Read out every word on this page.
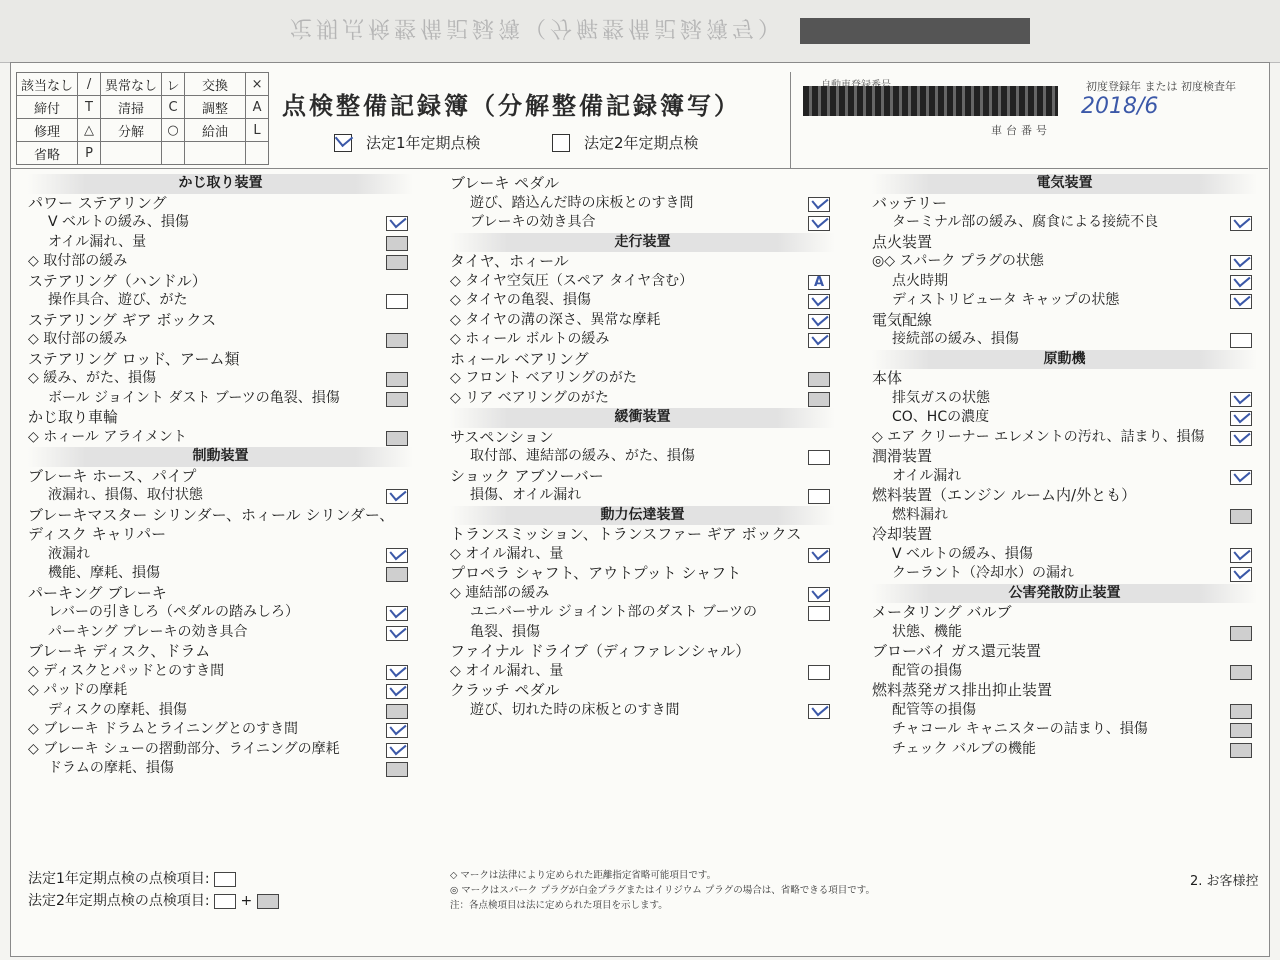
定期点検整備記録簿（分解整備記録簿写）
該当なし	/	異常なし	レ	交換	×
締付	T	清掃	C	調整	A
修理	△	分解	○	給油	L
省略	P				
点検整備記録簿（分解整備記録簿写）
法定1年定期点検	法定2年定期点検
初度登録年 または 初度検査年
2018/6
車台番号
かじ取り装置
パワー ステアリング
V ベルトの緩み、損傷
オイル漏れ、量
◇ 取付部の緩み
ステアリング（ハンドル）
操作具合、遊び、がた
ステアリング ギア ボックス
◇ 取付部の緩み
ステアリング ロッド、アーム類
◇ 緩み、がた、損傷
ボール ジョイント ダスト ブーツの亀裂、損傷
かじ取り車輪
◇ ホィール アライメント
制動装置
ブレーキ ホース、パイプ
液漏れ、損傷、取付状態
ブレーキマスター シリンダー、ホィール シリンダー、
ディスク キャリパー
液漏れ
機能、摩耗、損傷
パーキング ブレーキ
レバーの引きしろ（ペダルの踏みしろ）
パーキング ブレーキの効き具合
ブレーキ ディスク、ドラム
◇ ディスクとパッドとのすき間
◇ パッドの摩耗
ディスクの摩耗、損傷
◇ ブレーキ ドラムとライニングとのすき間
◇ ブレーキ シューの摺動部分、ライニングの摩耗
ドラムの摩耗、損傷
ブレーキ ペダル
遊び、踏込んだ時の床板とのすき間
ブレーキの効き具合
走行装置
タイヤ、ホィール
◇ タイヤ空気圧（スペア タイヤ含む）
A
◇ タイヤの亀裂、損傷
◇ タイヤの溝の深さ、異常な摩耗
◇ ホィール ボルトの緩み
ホィール ベアリング
◇ フロント ベアリングのがた
◇ リア ベアリングのがた
緩衝装置
サスペンション
取付部、連結部の緩み、がた、損傷
ショック アブソーバー
損傷、オイル漏れ
動力伝達装置
トランスミッション、トランスファー ギア ボックス
◇ オイル漏れ、量
プロペラ シャフト、アウトプット シャフト
◇ 連結部の緩み
ユニバーサル ジョイント部のダスト ブーツの
亀裂、損傷
ファイナル ドライブ（ディファレンシャル）
◇ オイル漏れ、量
クラッチ ペダル
遊び、切れた時の床板とのすき間
電気装置
バッテリー
ターミナル部の緩み、腐食による接続不良
点火装置
◎◇ スパーク プラグの状態
点火時期
ディストリビュータ キャップの状態
電気配線
接続部の緩み、損傷
原動機
本体
排気ガスの状態
CO、HCの濃度
◇ エア クリーナー エレメントの汚れ、詰まり、損傷
潤滑装置
オイル漏れ
燃料装置（エンジン ルーム内/外とも）
燃料漏れ
冷却装置
V ベルトの緩み、損傷
クーラント（冷却水）の漏れ
公害発散防止装置
メータリング バルブ
状態、機能
ブローバイ ガス還元装置
配管の損傷
燃料蒸発ガス排出抑止装置
配管等の損傷
チャコール キャニスターの詰まり、損傷
チェック バルブの機能
法定1年定期点検の点検項目:
法定2年定期点検の点検項目: +
◇ マークは法律により定められた距離指定省略可能項目です。
◎ マークはスパーク プラグが白金プラグまたはイリジウム プラグの場合は、省略できる項目です。
注：各点検項目は法に定められた項目を示します。
2. お客様控
